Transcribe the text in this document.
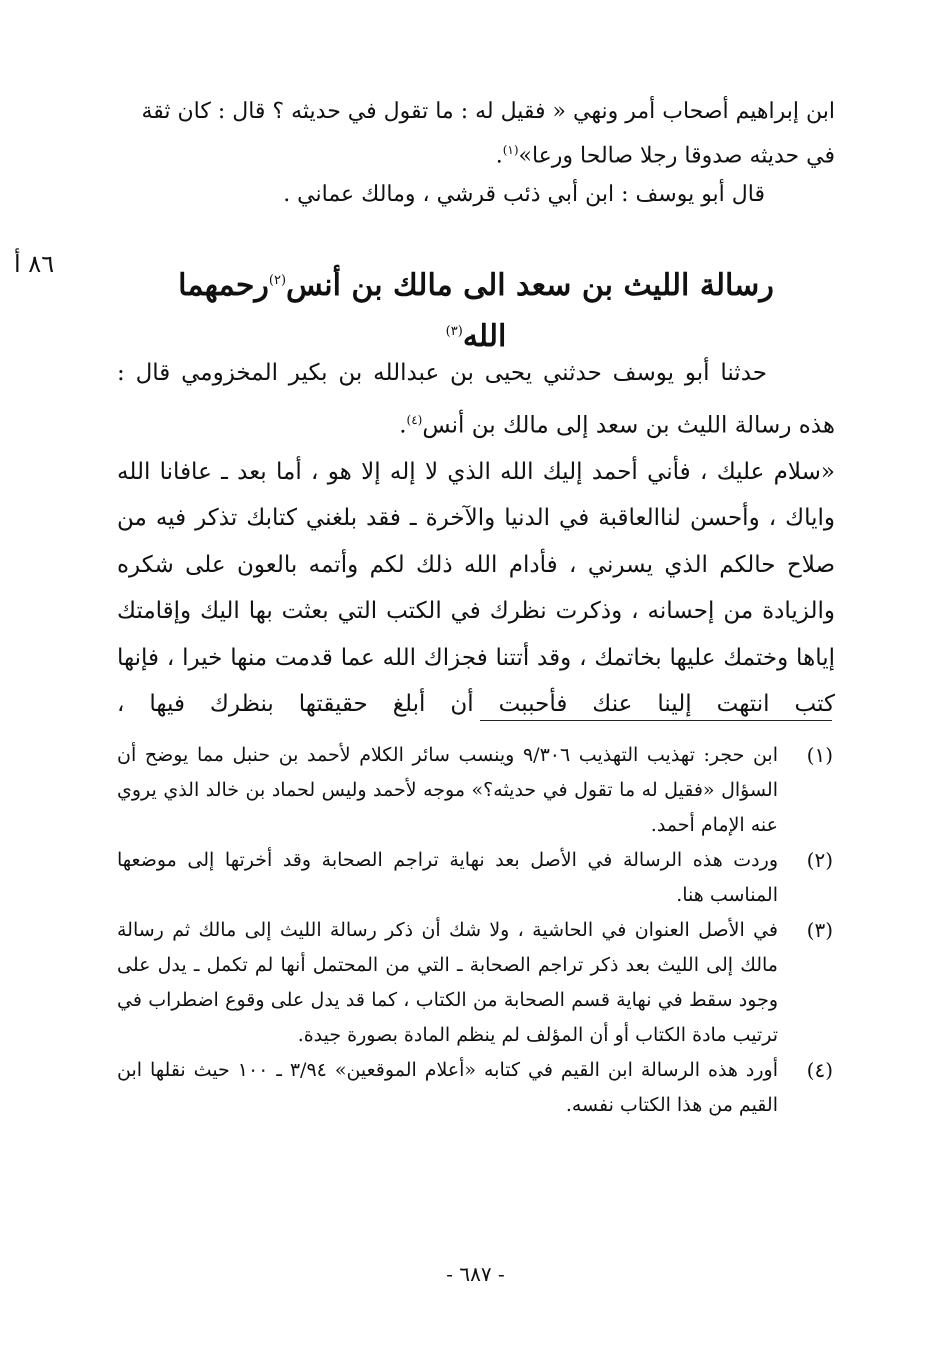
ابن إبراهيم أصحاب أمر ونهي « فقيل له : ما تقول في حديثه ؟ قال : كان ثقة

في حديثه صدوقا رجلا صالحا ورعا»$^{(١)}$.

قال أبو يوسف : ابن أبي ذئب قرشي ، ومالك عماني .

٨٦ أ
رسالة الليث بن سعد الى مالك بن أنس$^{(٢)}$رحمهما الله$^{(٣)}$

حدثنا أبو يوسف حدثني يحيى بن عبدالله بن بكير المخزومي قال :

هذه رسالة الليث بن سعد إلى مالك بن أنس$^{(٤)}$.

«سلام عليك ، فأني أحمد إليك الله الذي لا إله إلا هو ، أما بعد ـ عافانا الله واياك ، وأحسن لناالعاقبة في الدنيا والآخرة ـ فقد بلغني كتابك تذكر فيه من صلاح حالكم الذي يسرني ، فأدام الله ذلك لكم وأتمه بالعون على شكره والزيادة من إحسانه ، وذكرت نظرك في الكتب التي بعثت بها اليك وإقامتك إياها وختمك عليها بخاتمك ، وقد أتتنا فجزاك الله عما قدمت منها خيرا ، فإنها كتب انتهت إلينا عنك فأحببت أن أبلغ حقيقتها بنظرك فيها ،

(١)
ابن حجر: تهذيب التهذيب ٩/٣٠٦ وينسب سائر الكلام لأحمد بن حنبل مما يوضح أن السؤال «فقيل له ما تقول في حديثه؟» موجه لأحمد وليس لحماد بن خالد الذي يروي عنه الإمام أحمد.
(٢)
وردت هذه الرسالة في الأصل بعد نهاية تراجم الصحابة وقد أخرتها إلى موضعها المناسب هنا.
(٣)
في الأصل العنوان في الحاشية ، ولا شك أن ذكر رسالة الليث إلى مالك ثم رسالة مالك إلى الليث بعد ذكر تراجم الصحابة ـ التي من المحتمل أنها لم تكمل ـ يدل على وجود سقط في نهاية قسم الصحابة من الكتاب ، كما قد يدل على وقوع اضطراب في ترتيب مادة الكتاب أو أن المؤلف لم ينظم المادة بصورة جيدة.
(٤)
أورد هذه الرسالة ابن القيم في كتابه «أعلام الموقعين» ٣/٩٤ ـ ١٠٠ حيث نقلها ابن القيم من هذا الكتاب نفسه.
- ٦٨٧ -
